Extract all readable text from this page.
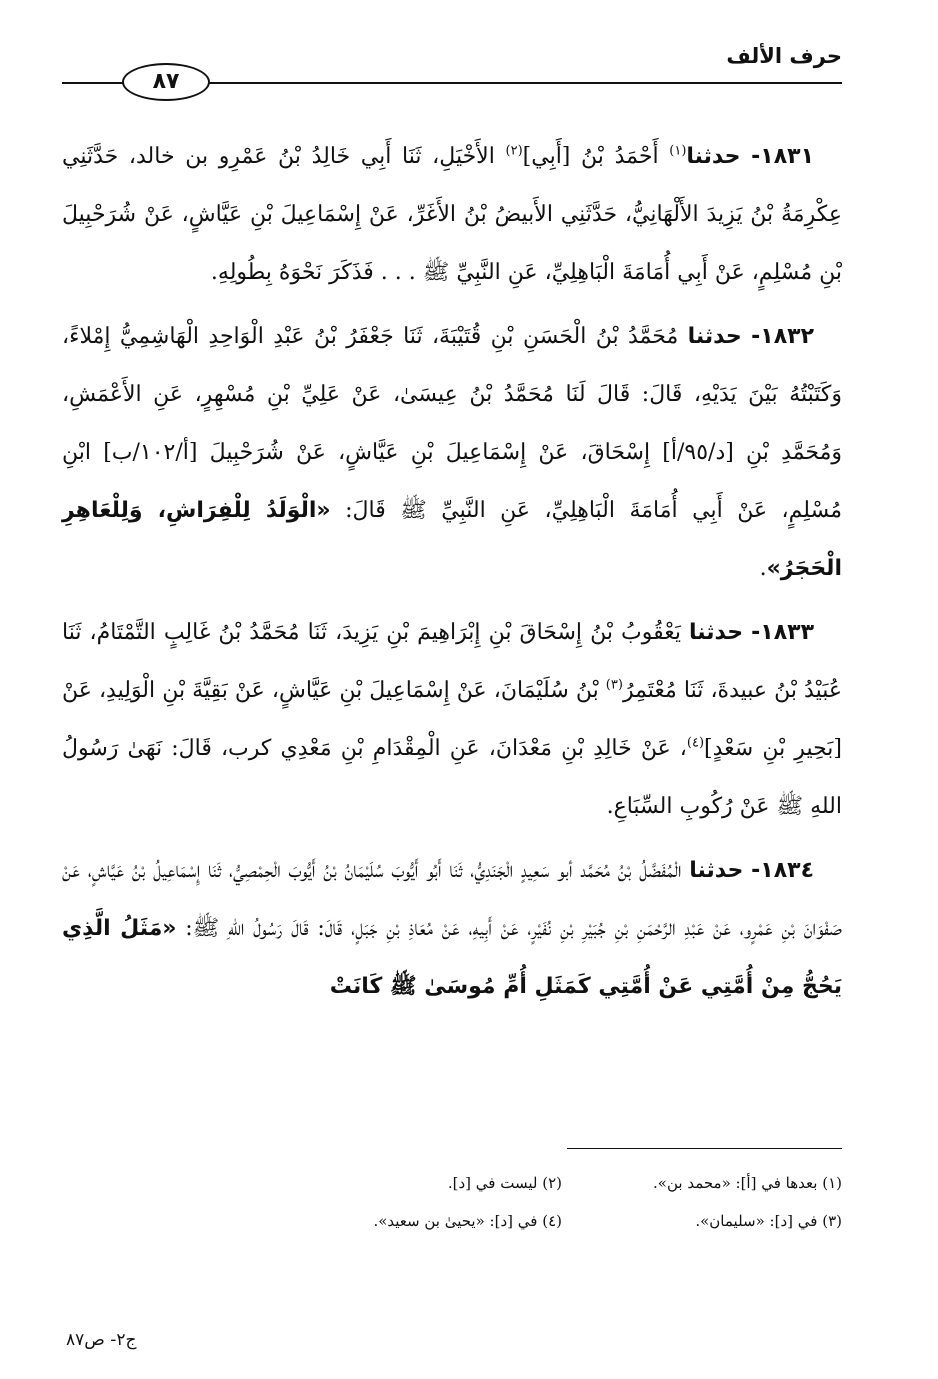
حرف الألف
٨٧

١٨٣١- حدثنا$^{(١)}$ أَحْمَدُ بْنُ [أَبِي]$^{(٢)}$ الأَخْيَلِ، ثَنَا أَبِي خَالِدُ بْنُ عَمْرِو بن خالد، حَدَّثَنِي عِكْرِمَةُ بْنُ يَزِيدَ الأَلْهَانِيُّ، حَدَّثَنِي الأَبيضُ بْنُ الأَغَرِّ، عَنْ إِسْمَاعِيلَ بْنِ عَيَّاشٍ، عَنْ شُرَحْبِيلَ بْنِ مُسْلِمٍ، عَنْ أَبِي أُمَامَةَ الْبَاهِلِيِّ، عَنِ النَّبِيِّ ﷺ . . . فَذَكَرَ نَحْوَهُ بِطُولِهِ.

١٨٣٢- حدثنا مُحَمَّدُ بْنُ الْحَسَنِ بْنِ قُتَيْبَةَ، ثَنَا جَعْفَرُ بْنُ عَبْدِ الْوَاحِدِ الْهَاشِمِيُّ إِمْلاءً، وَكَتَبْتُهُ بَيْنَ يَدَيْهِ، قَالَ: قَالَ لَنَا مُحَمَّدُ بْنُ عِيسَىٰ، عَنْ عَلِيِّ بْنِ مُسْهِرٍ، عَنِ الأَعْمَشِ، وَمُحَمَّدِ بْنِ [د/٩٥/أ] إِسْحَاقَ، عَنْ إِسْمَاعِيلَ بْنِ عَيَّاشٍ، عَنْ شُرَحْبِيلَ [أ/١٠٢/ب] ابْنِ مُسْلِمٍ، عَنْ أَبِي أُمَامَةَ الْبَاهِلِيِّ، عَنِ النَّبِيِّ ﷺ قَالَ: «الْوَلَدُ لِلْفِرَاشِ، وَلِلْعَاهِرِ الْحَجَرُ».

١٨٣٣- حدثنا يَعْقُوبُ بْنُ إِسْحَاقَ بْنِ إِبْرَاهِيمَ بْنِ يَزِيدَ، ثَنَا مُحَمَّدُ بْنُ غَالِبٍ التَّمْتَامُ، ثَنَا عُبَيْدُ بْنُ عبيدةَ، ثَنَا مُعْتَمِرُ$^{(٣)}$ بْنُ سُلَيْمَانَ، عَنْ إِسْمَاعِيلَ بْنِ عَيَّاشٍ، عَنْ بَقِيَّةَ بْنِ الْوَلِيدِ، عَنْ [بَحِيرِ بْنِ سَعْدٍ]$^{(٤)}$، عَنْ خَالِدِ بْنِ مَعْدَانَ، عَنِ الْمِقْدَامِ بْنِ مَعْدِي كرب، قَالَ: نَهَىٰ رَسُولُ اللهِ ﷺ عَنْ رُكُوبِ السِّبَاعِ.

١٨٣٤- حدثنا الْمُفَضَّلُ بْنُ مُحَمَّد أبو سَعِيدٍ الْجَنَدِيُّ، ثَنَا أَبُو أَيُّوبَ سُلَيْمَانُ بْنُ أَيُّوبَ الْحِمْصِيُّ، ثَنَا إِسْمَاعِيلُ بْنُ عَيَّاشٍ، عَنْ صَفْوَانَ بْنِ عَمْرٍو، عَنْ عَبْدِ الرَّحْمَنِ بْنِ جُبَيْرِ بْنِ نُفَيْرٍ، عَنْ أَبِيهِ، عَنْ مُعَاذِ بْنِ جَبَلٍ، قَالَ: قَالَ رَسُولُ اللهِ ﷺ: «مَثَلُ الَّذِي يَحُجُّ مِنْ أُمَّتِي عَنْ أُمَّتِي كَمَثَلِ أُمِّ مُوسَىٰ ﷺ كَانَتْ

(١) بعدها في [أ]: «محمد بن».
(٢) ليست في [د].
(٣) في [د]: «سليمان».
(٤) في [د]: «يحيىٰ بن سعيد».
ج٢- ص٨٧
